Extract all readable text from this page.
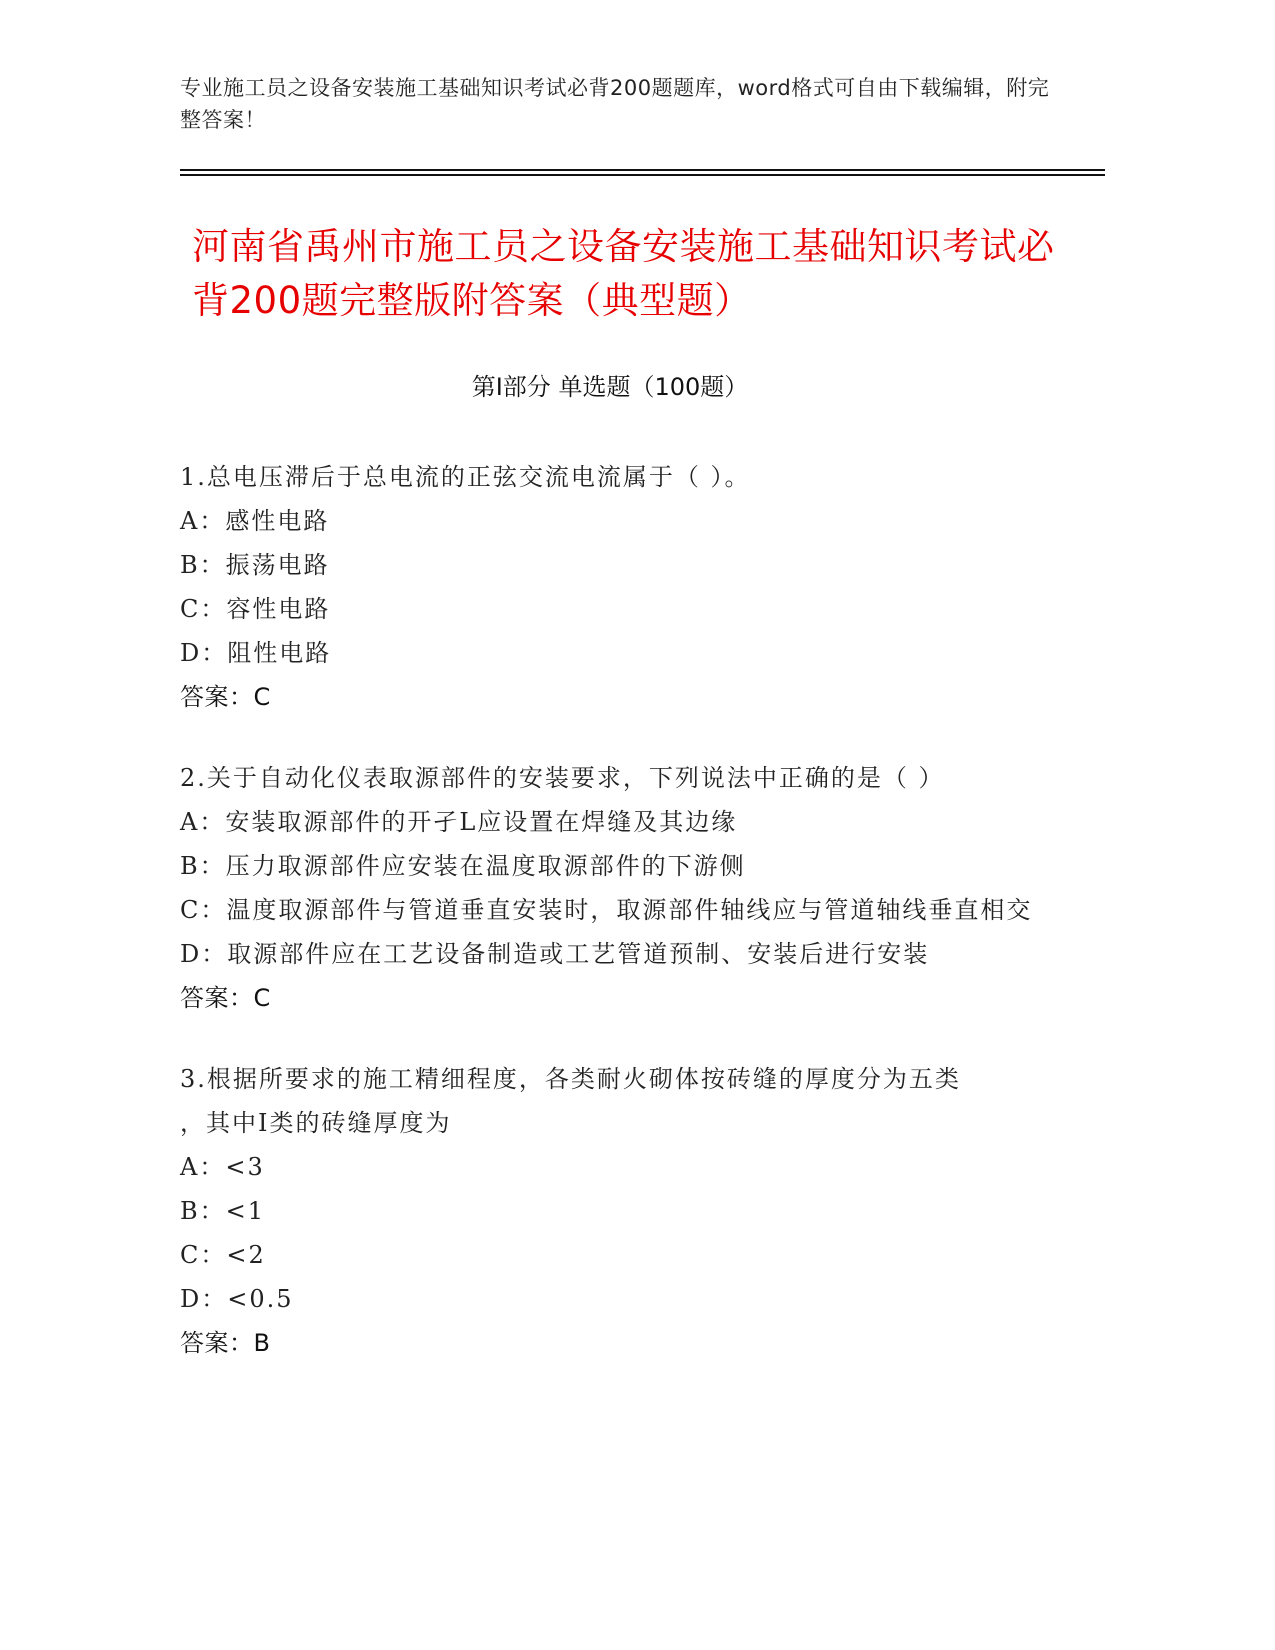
专业施工员之设备安装施工基础知识考试必背200题题库，word格式可自由下载编辑，附完整答案！
河南省禹州市施工员之设备安装施工基础知识考试必背200题完整版附答案（典型题）
第I部分 单选题（100题）
1.总电压滞后于总电流的正弦交流电流属于（ ）。
A：感性电路
B：振荡电路
C：容性电路
D：阻性电路
答案：C
2.关于自动化仪表取源部件的安装要求，下列说法中正确的是（ ）
A：安装取源部件的开孑L应设置在焊缝及其边缘
B：压力取源部件应安装在温度取源部件的下游侧
C：温度取源部件与管道垂直安装时，取源部件轴线应与管道轴线垂直相交
D：取源部件应在工艺设备制造或工艺管道预制、安装后进行安装
答案：C
3.根据所要求的施工精细程度，各类耐火砌体按砖缝的厚度分为五类
，其中I类的砖缝厚度为
A：<3
B：<1
C：<2
D：<0.5
答案：B
